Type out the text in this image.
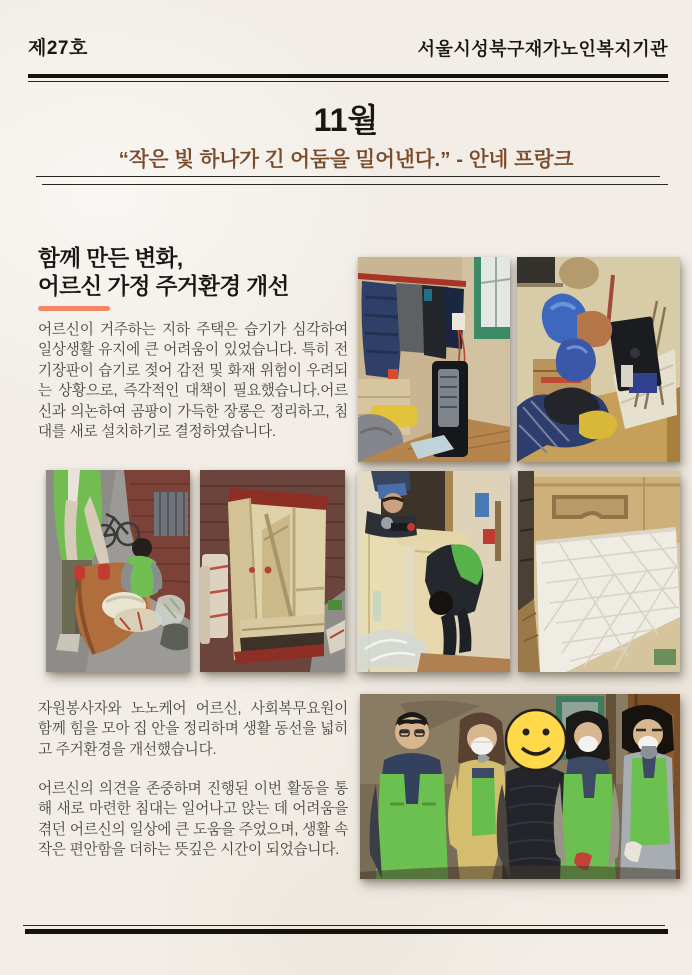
제27호	서울시성북구재가노인복지기관
11월
“작은 빛 하나가 긴 어둠을 밀어낸다.” - 안네 프랑크
함께 만든 변화,
어르신 가정 주거환경 개선
어르신이 거주하는 지하 주택은 습기가 심각하여 일상생활 유지에 큰 어려움이 있었습니다. 특히 전기장판이 습기로 젖어 감전 및 화재 위험이 우려되는 상황으로, 즉각적인 대책이 필요했습니다.어르신과 의논하여 곰팡이 가득한 장롱은 정리하고, 침대를 새로 설치하기로 결정하였습니다.
자원봉사자와 노노케어 어르신, 사회복무요원이 함께 힘을 모아 집 안을 정리하며 생활 동선을 넓히고 주거환경을 개선했습니다.
어르신의 의견을 존중하며 진행된 이번 활동을 통해 새로 마련한 침대는 일어나고 앉는 데 어려움을 겪던 어르신의 일상에 큰 도움을 주었으며, 생활 속 작은 편안함을 더하는 뜻깊은 시간이 되었습니다.
